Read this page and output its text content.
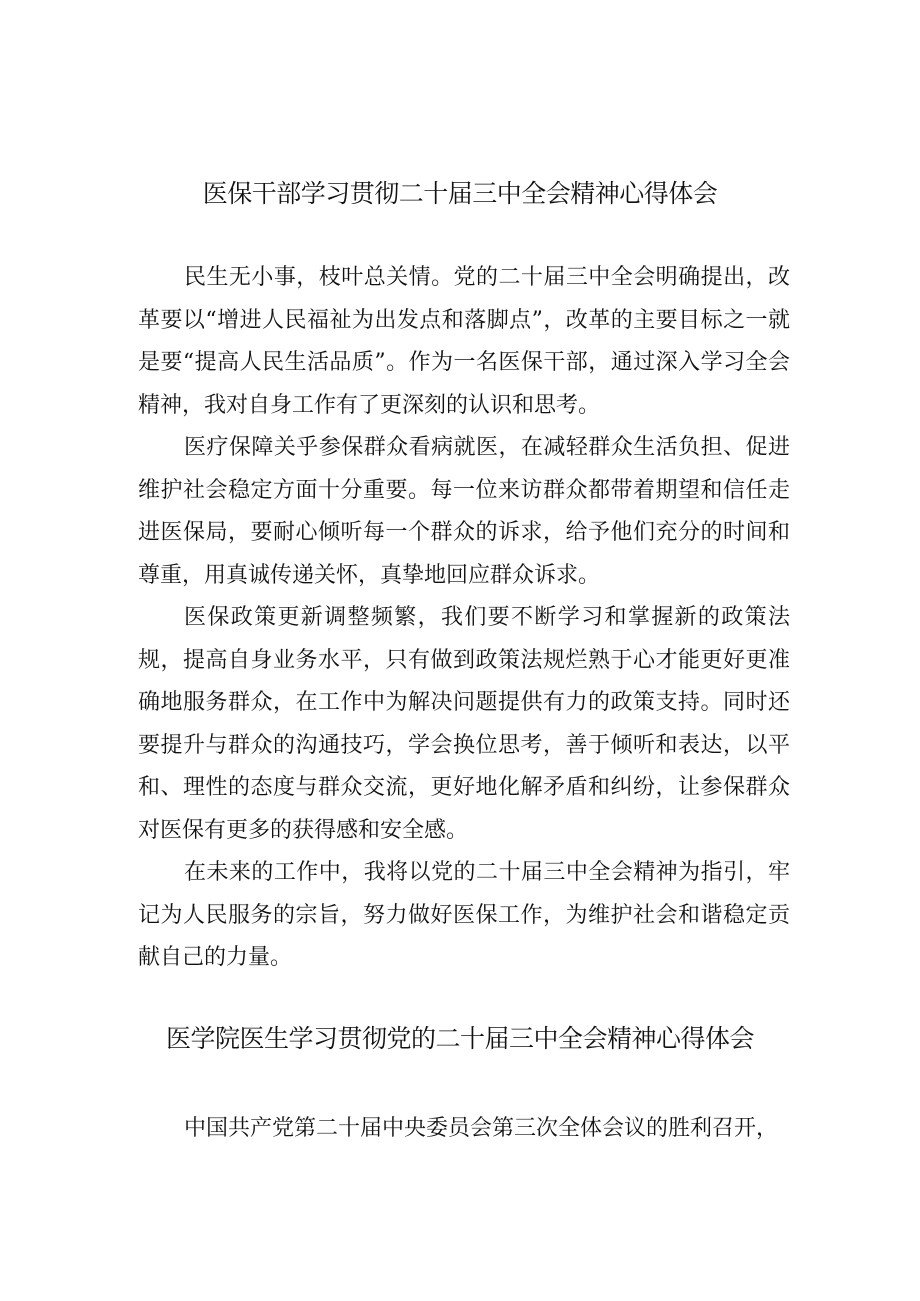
医保干部学习贯彻二十届三中全会精神心得体会

民生无小事，枝叶总关情。党的二十届三中全会明确提出，改革要以“增进人民福祉为出发点和落脚点”，改革的主要目标之一就是要“提高人民生活品质”。作为一名医保干部，通过深入学习全会精神，我对自身工作有了更深刻的认识和思考。

医疗保障关乎参保群众看病就医，在减轻群众生活负担、促进维护社会稳定方面十分重要。每一位来访群众都带着期望和信任走进医保局，要耐心倾听每一个群众的诉求，给予他们充分的时间和尊重，用真诚传递关怀，真挚地回应群众诉求。

医保政策更新调整频繁，我们要不断学习和掌握新的政策法规，提高自身业务水平，只有做到政策法规烂熟于心才能更好更准确地服务群众，在工作中为解决问题提供有力的政策支持。同时还要提升与群众的沟通技巧，学会换位思考，善于倾听和表达，以平和、理性的态度与群众交流，更好地化解矛盾和纠纷，让参保群众对医保有更多的获得感和安全感。

在未来的工作中，我将以党的二十届三中全会精神为指引，牢记为人民服务的宗旨，努力做好医保工作，为维护社会和谐稳定贡献自己的力量。

医学院医生学习贯彻党的二十届三中全会精神心得体会

中国共产党第二十届中央委员会第三次全体会议的胜利召开，
